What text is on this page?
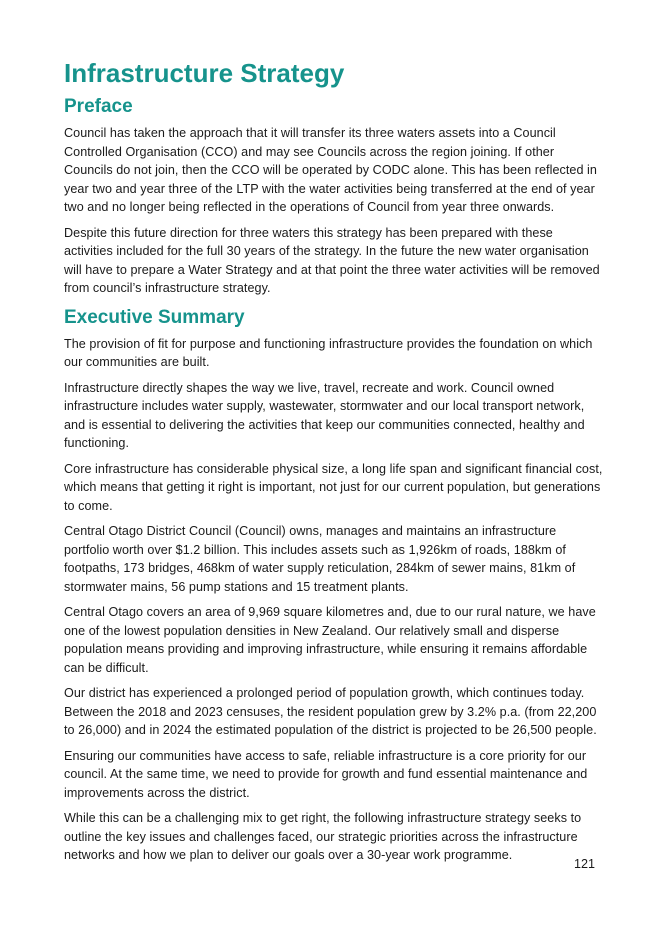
Infrastructure Strategy
Preface

Council has taken the approach that it will transfer its three waters assets into a Council Controlled Organisation (CCO) and may see Councils across the region joining. If other Councils do not join, then the CCO will be operated by CODC alone. This has been reflected in year two and year three of the LTP with the water activities being transferred at the end of year two and no longer being reflected in the operations of Council from year three onwards.

Despite this future direction for three waters this strategy has been prepared with these activities included for the full 30 years of the strategy. In the future the new water organisation will have to prepare a Water Strategy and at that point the three water activities will be removed from council’s infrastructure strategy.

Executive Summary

The provision of fit for purpose and functioning infrastructure provides the foundation on which our communities are built.

Infrastructure directly shapes the way we live, travel, recreate and work. Council owned infrastructure includes water supply, wastewater, stormwater and our local transport network, and is essential to delivering the activities that keep our communities connected, healthy and functioning.

Core infrastructure has considerable physical size, a long life span and significant financial cost, which means that getting it right is important, not just for our current population, but generations to come.

Central Otago District Council (Council) owns, manages and maintains an infrastructure portfolio worth over $1.2 billion. This includes assets such as 1,926km of roads, 188km of footpaths, 173 bridges, 468km of water supply reticulation, 284km of sewer mains, 81km of stormwater mains, 56 pump stations and 15 treatment plants.

Central Otago covers an area of 9,969 square kilometres and, due to our rural nature, we have one of the lowest population densities in New Zealand. Our relatively small and disperse population means providing and improving infrastructure, while ensuring it remains affordable can be difficult.

Our district has experienced a prolonged period of population growth, which continues today. Between the 2018 and 2023 censuses, the resident population grew by 3.2% p.a. (from 22,200 to 26,000) and in 2024 the estimated population of the district is projected to be 26,500 people.

Ensuring our communities have access to safe, reliable infrastructure is a core priority for our council. At the same time, we need to provide for growth and fund essential maintenance and improvements across the district.

While this can be a challenging mix to get right, the following infrastructure strategy seeks to outline the key issues and challenges faced, our strategic priorities across the infrastructure networks and how we plan to deliver our goals over a 30-year work programme.

121
